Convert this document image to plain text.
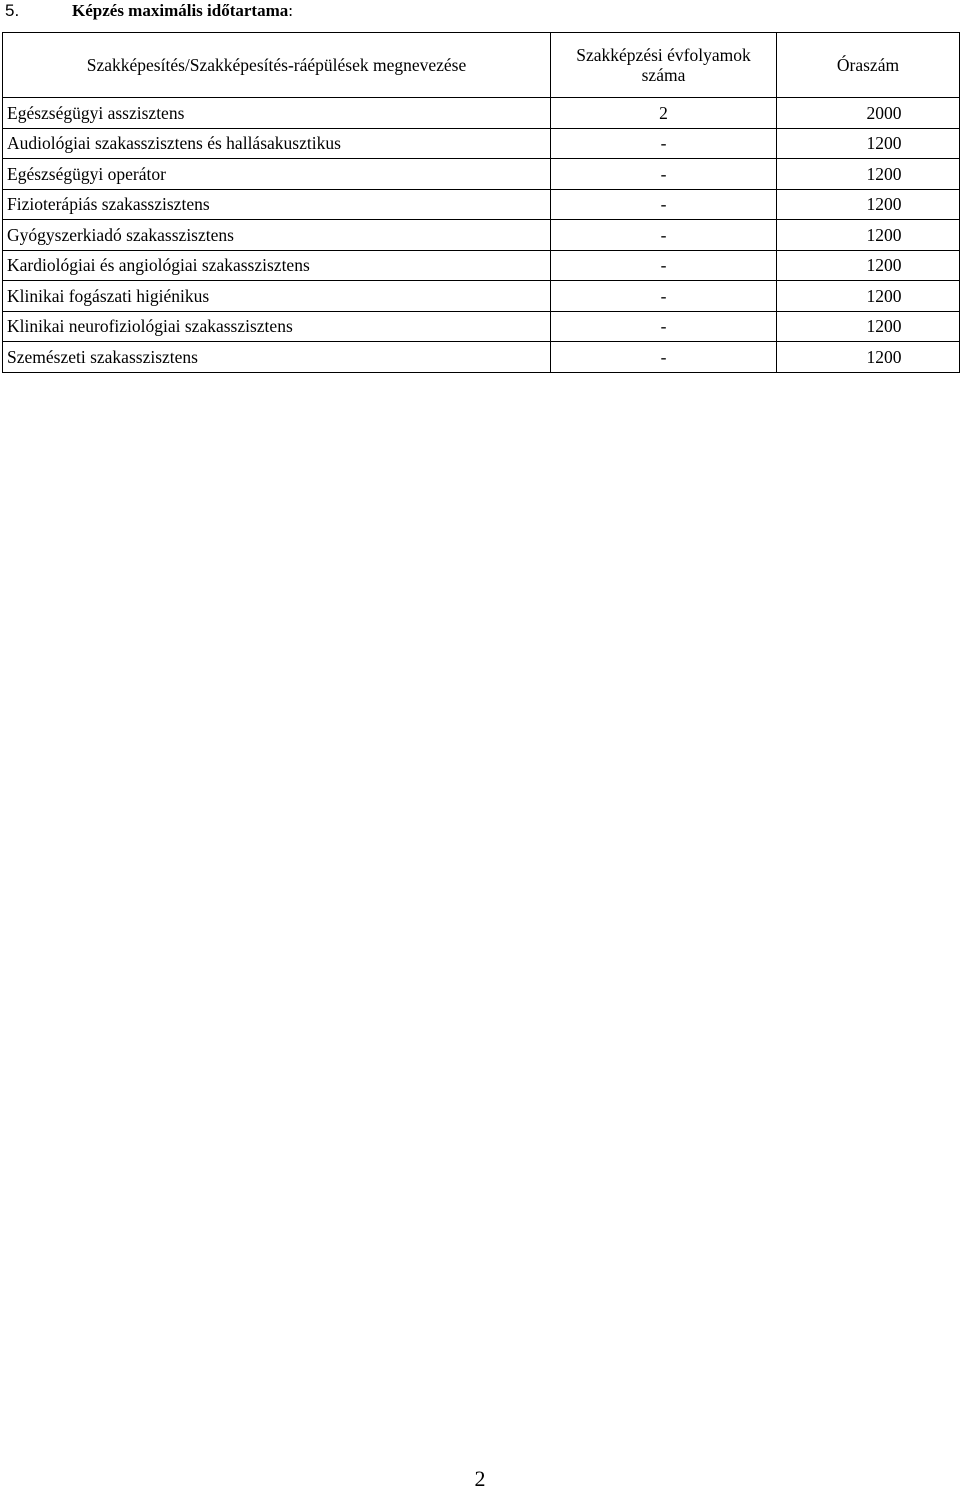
5.	Képzés maximális időtartama:
Szakképesítés/Szakképesítés-ráépülések megnevezése	Szakképzési évfolyamok száma	Óraszám
Egészségügyi asszisztens	2	2000
Audiológiai szakasszisztens és hallásakusztikus	-	1200
Egészségügyi operátor	-	1200
Fizioterápiás szakasszisztens	-	1200
Gyógyszerkiadó szakasszisztens	-	1200
Kardiológiai és angiológiai szakasszisztens	-	1200
Klinikai fogászati higiénikus	-	1200
Klinikai neurofiziológiai szakasszisztens	-	1200
Szemészeti szakasszisztens	-	1200
2
